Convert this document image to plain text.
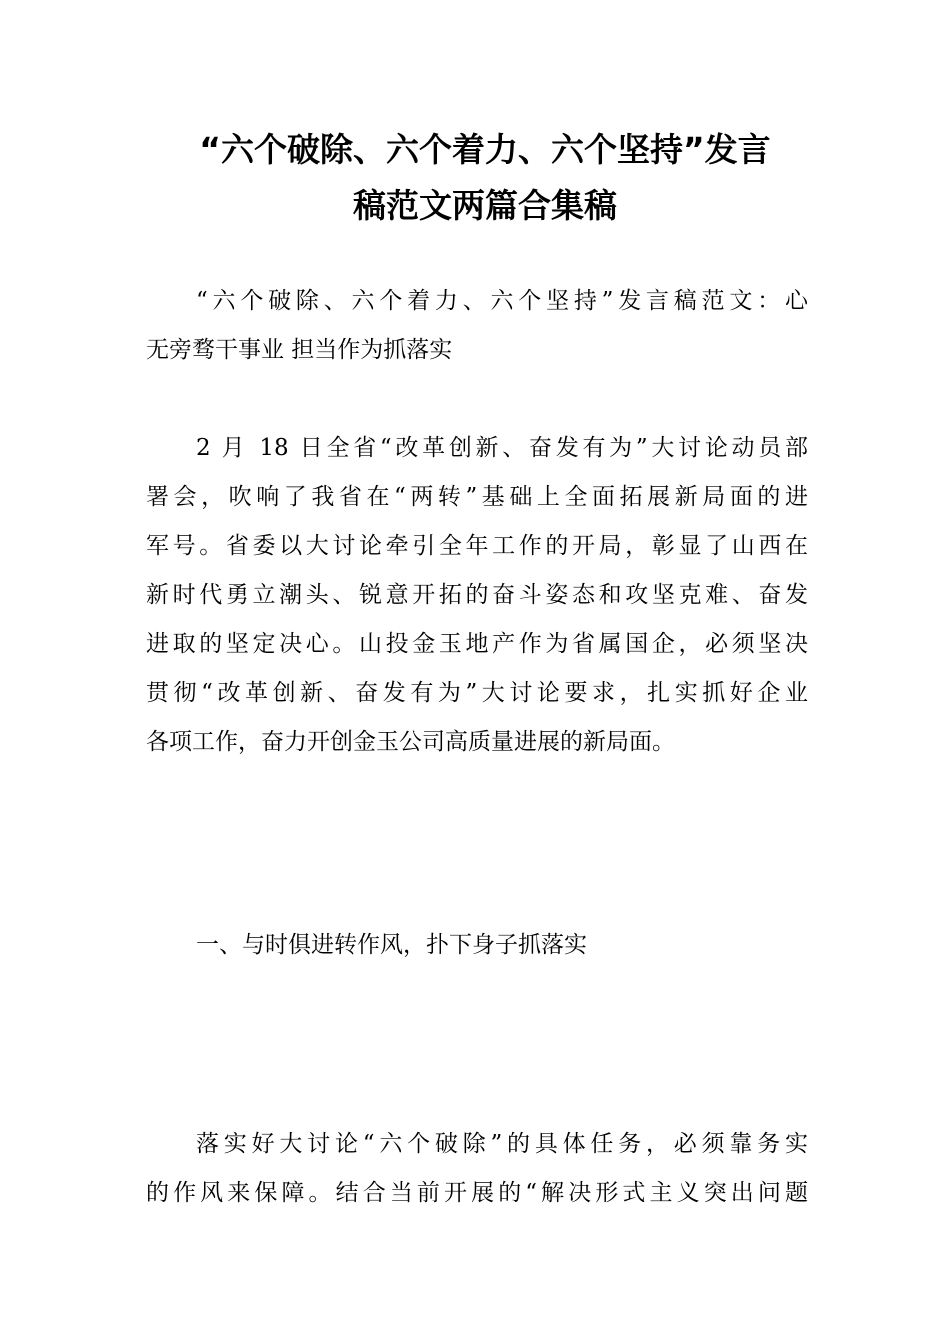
“六个破除、六个着力、六个坚持”发言
稿范文两篇合集稿

“六个破除、六个着力、六个坚持”发言稿范文：心
无旁骛干事业 担当作为抓落实

2 月 18 日全省“改革创新、奋发有为”大讨论动员部
署会，吹响了我省在“两转”基础上全面拓展新局面的进
军号。省委以大讨论牵引全年工作的开局，彰显了山西在
新时代勇立潮头、锐意开拓的奋斗姿态和攻坚克难、奋发
进取的坚定决心。山投金玉地产作为省属国企，必须坚决
贯彻“改革创新、奋发有为”大讨论要求，扎实抓好企业
各项工作，奋力开创金玉公司高质量进展的新局面。

一、与时俱进转作风，扑下身子抓落实

落实好大讨论“六个破除”的具体任务，必须靠务实
的作风来保障。结合当前开展的“解决形式主义突出问题
